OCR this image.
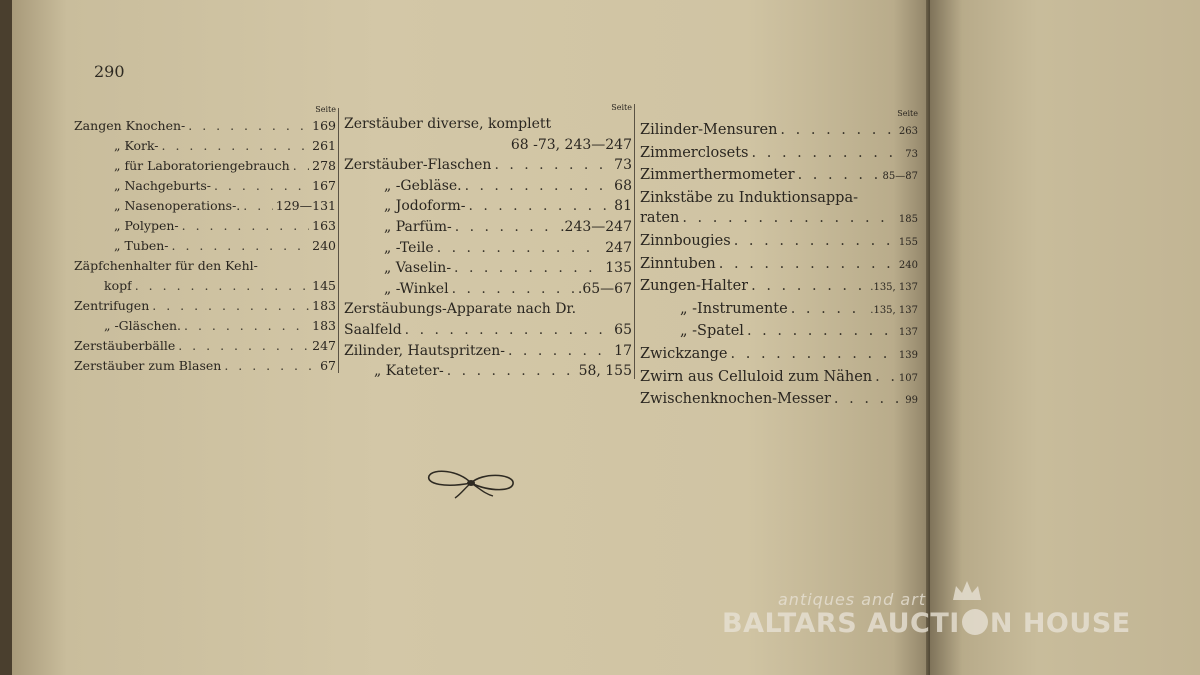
290
Seite
Zangen Knochen- . . .	169
„ Kork- . . .	261
„ für Laboratoriengebrauch . . . 278
„ Nachgeburts- . . .	167
„ Nasenoperations-. . . .	129—131
„ Polypen- . . .	163
„ Tuben- . . .	240
Zäpfchenhalter für den Kehl-
kopf . . .	145
Zentrifugen . . .	183
„ -Gläschen. . . .	183
Zerstäuberbälle . . .	247
Zerstäuber zum Blasen . . .	67
Seite
Zerstäuber diverse, komplett
68 -73, 243—247
Zerstäuber-Flaschen . . .	73
„ -Gebläse. . . .	68
„ Jodoform- . . .	81
„ Parfüm- . . .	.243—247
„ -Teile . . .	247
„ Vaselin- . . .	135
„ -Winkel . . .	.65—67
Zerstäubungs-Apparate nach Dr.
Saalfeld . . .	65
Zilinder, Hautspritzen- . . .	17
„ Kateter- . . .	58, 155
Seite
Zilinder-Mensuren . . .	263
Zimmerclosets . . .	73
Zimmerthermometer . . .	85—87
Zinkstäbe zu Induktionsappa-
raten . . .	185
Zinnbougies . . .	155
Zinntuben . . .	240
Zungen-Halter . . .	.135, 137
„ -Instrumente . . .	.135, 137
„ -Spatel . . .	137
Zwickzange . . .	139
Zwirn aus Celluloid zum Nähen . . .	107
Zwischenknochen-Messer . . .	99
antiques and art
BALTARS AUCTI N HOUSE
